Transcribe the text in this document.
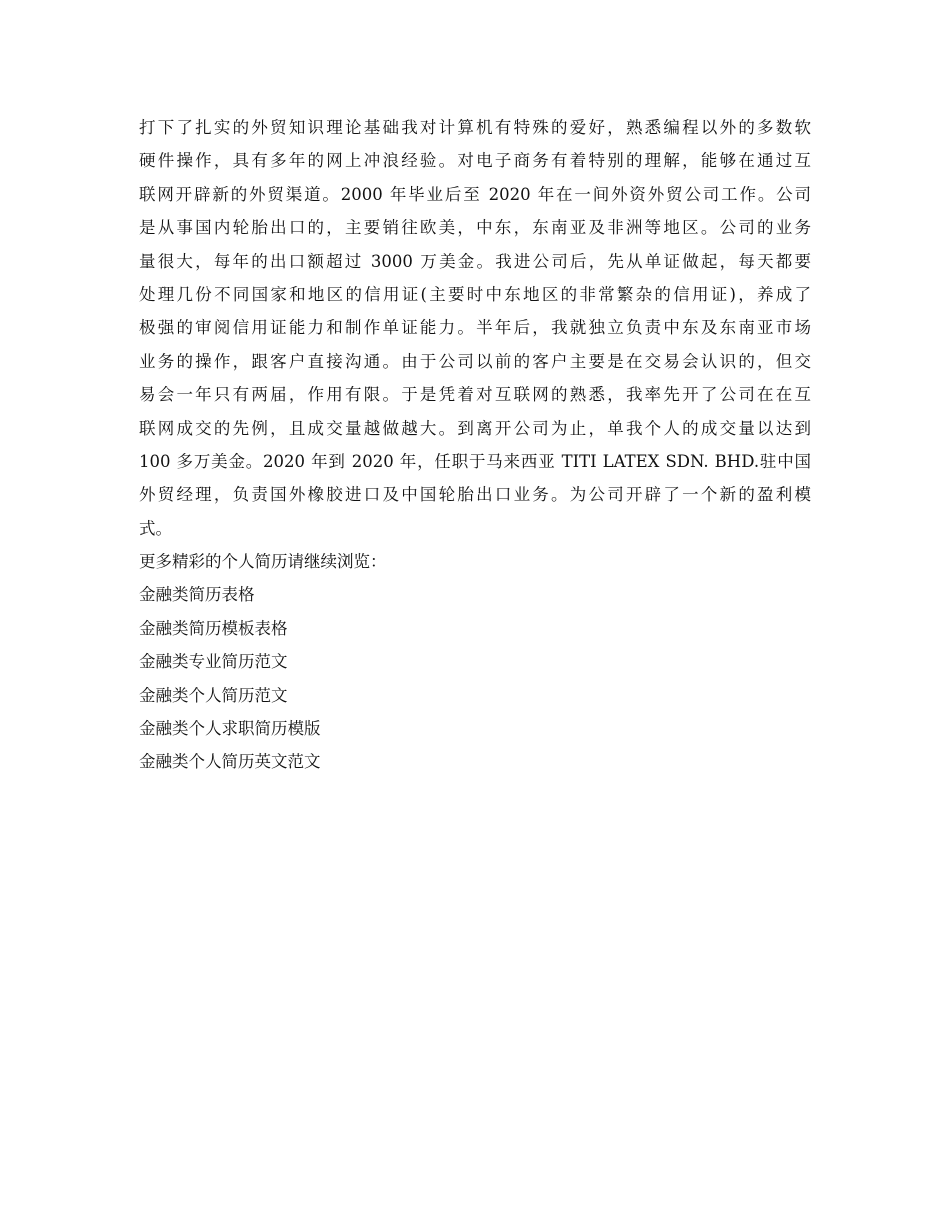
打下了扎实的外贸知识理论基础我对计算机有特殊的爱好，熟悉编程以外的多数软
硬件操作，具有多年的网上冲浪经验。对电子商务有着特别的理解，能够在通过互
联网开辟新的外贸渠道。2000 年毕业后至 2020 年在一间外资外贸公司工作。公司
是从事国内轮胎出口的，主要销往欧美，中东，东南亚及非洲等地区。公司的业务
量很大，每年的出口额超过 3000 万美金。我进公司后，先从单证做起，每天都要
处理几份不同国家和地区的信用证(主要时中东地区的非常繁杂的信用证)，养成了
极强的审阅信用证能力和制作单证能力。半年后，我就独立负责中东及东南亚市场
业务的操作，跟客户直接沟通。由于公司以前的客户主要是在交易会认识的，但交
易会一年只有两届，作用有限。于是凭着对互联网的熟悉，我率先开了公司在在互
联网成交的先例，且成交量越做越大。到离开公司为止，单我个人的成交量以达到
100 多万美金。2020 年到 2020 年，任职于马来西亚 TITI LATEX SDN. BHD.驻中国
外贸经理，负责国外橡胶进口及中国轮胎出口业务。为公司开辟了一个新的盈利模
式。
更多精彩的个人简历请继续浏览：
金融类简历表格
金融类简历模板表格
金融类专业简历范文
金融类个人简历范文
金融类个人求职简历模版
金融类个人简历英文范文
